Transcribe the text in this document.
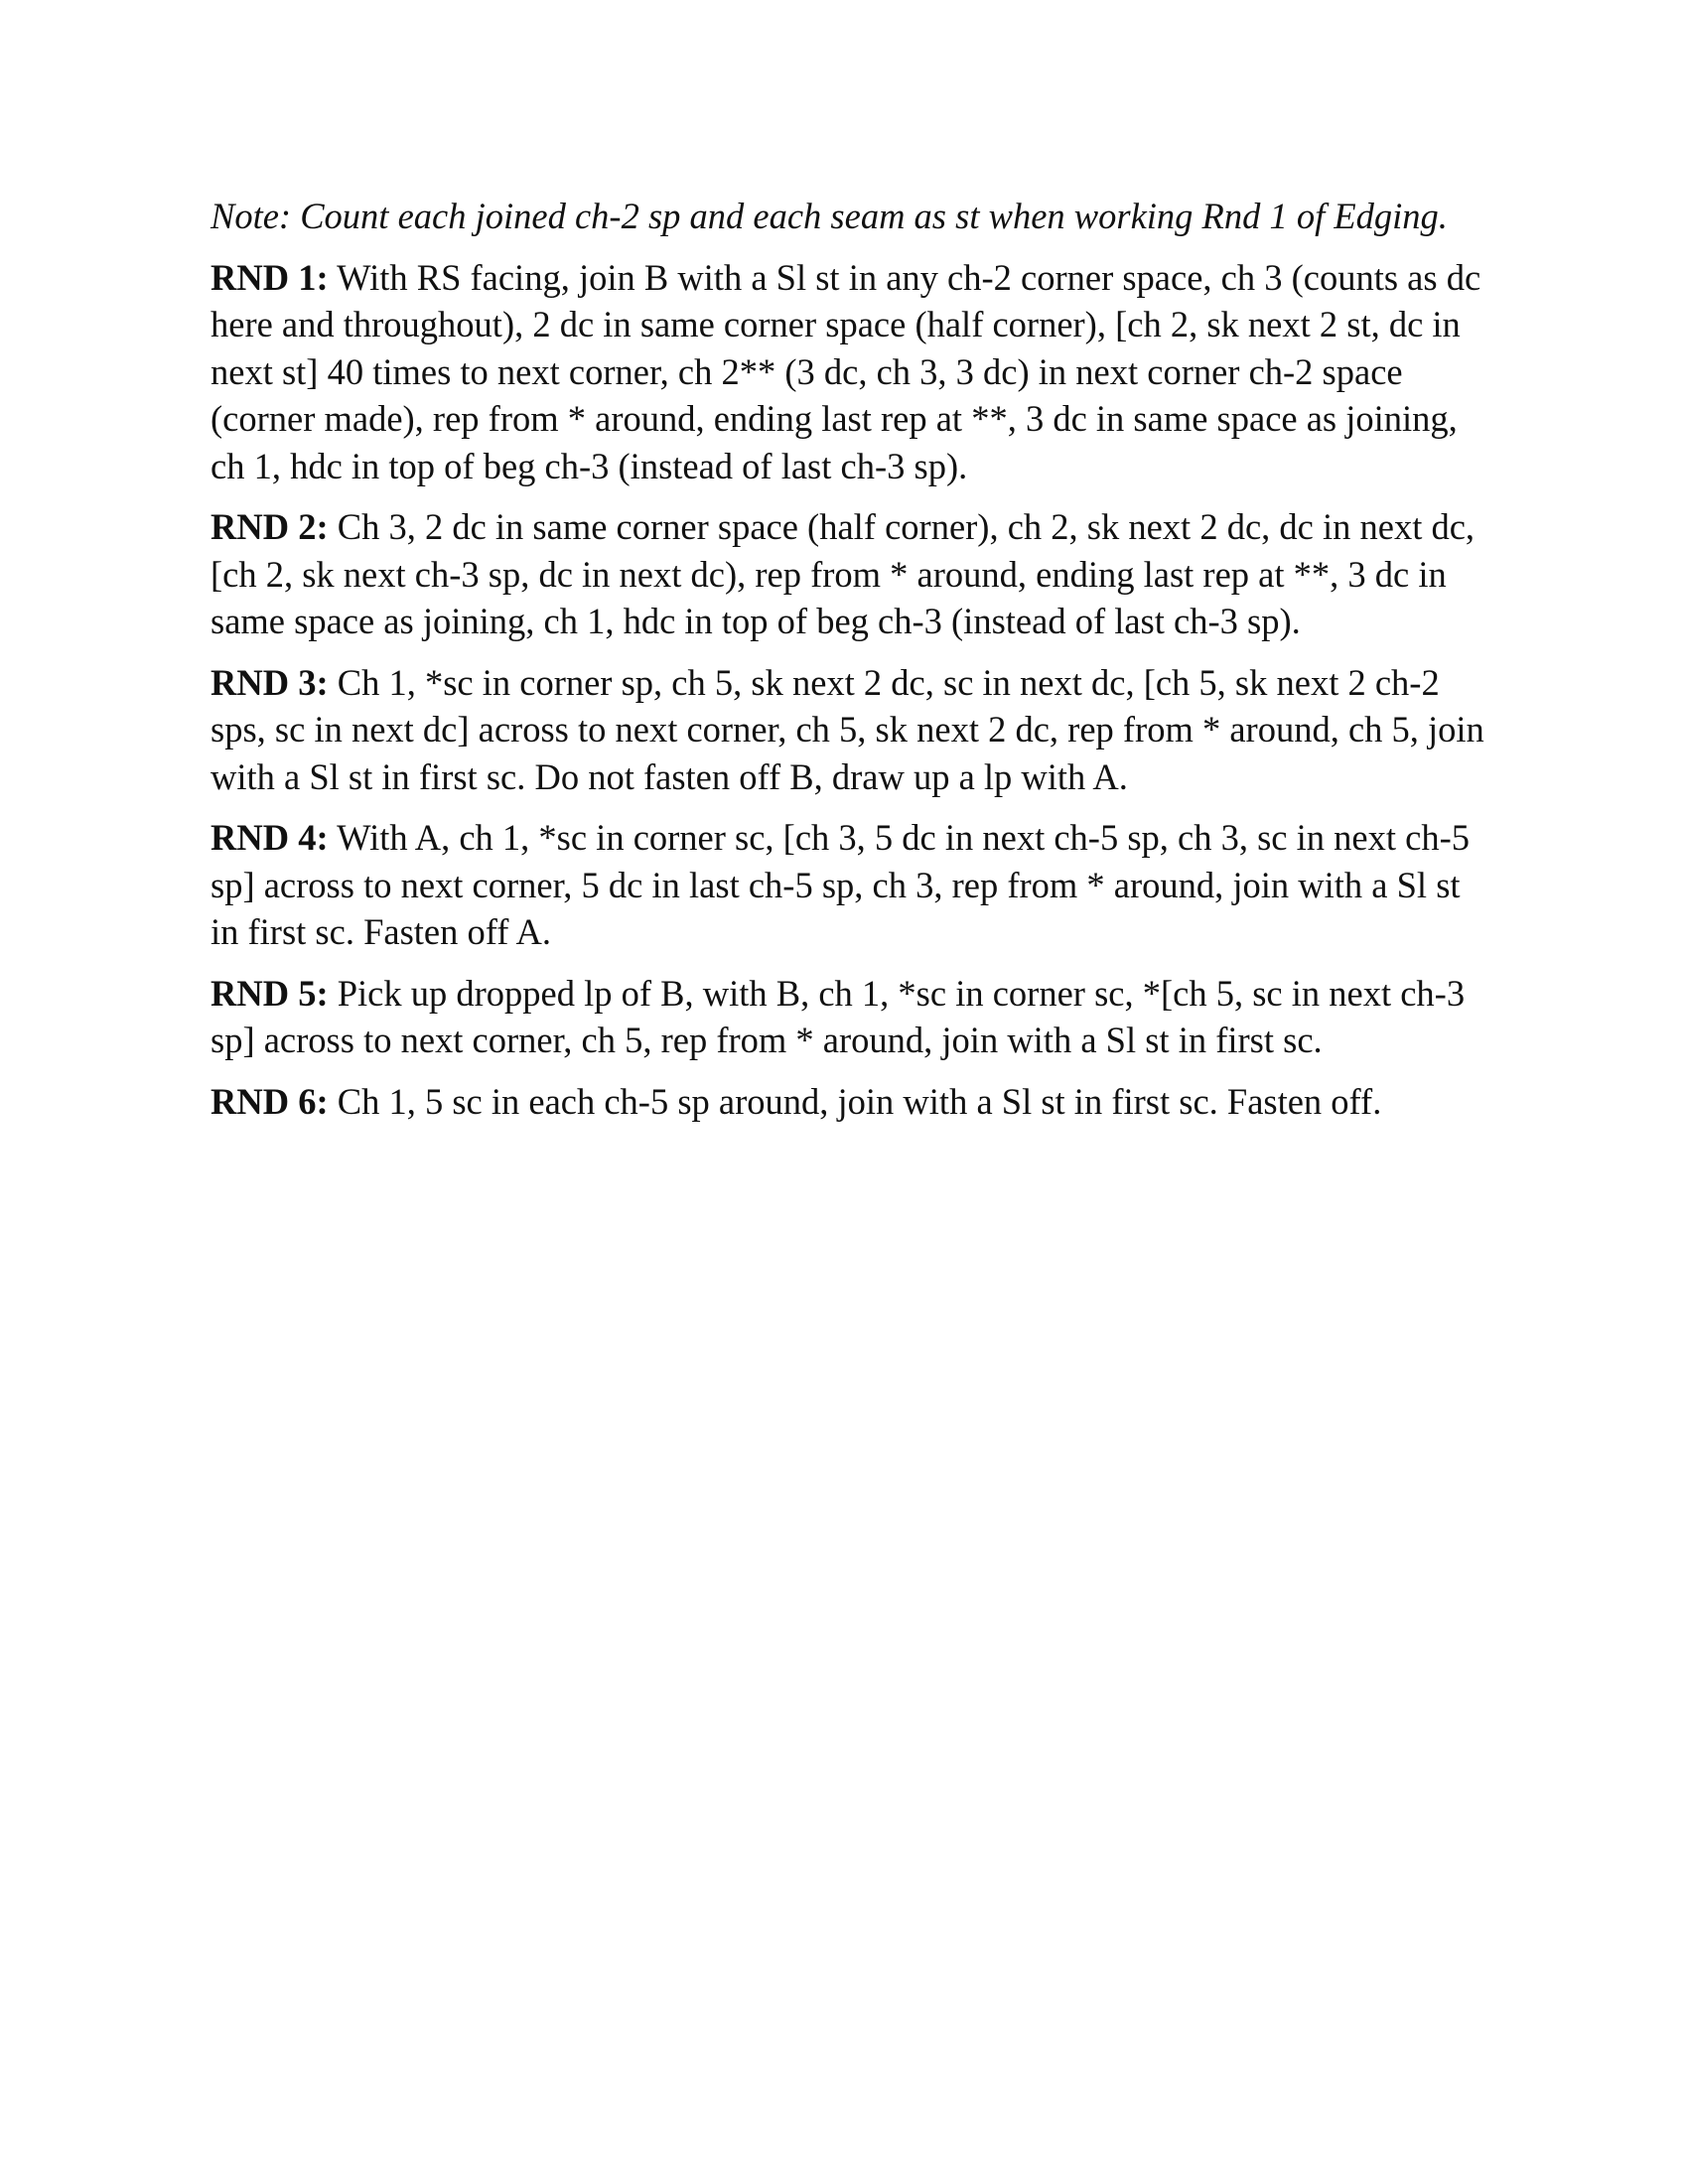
Note: Count each joined ch-2 sp and each seam as st when working Rnd 1 of Edging.

RND 1: With RS facing, join B with a Sl st in any ch-2 corner space, ch 3 (counts as dc here and throughout), 2 dc in same corner space (half corner), [ch 2, sk next 2 st, dc in next st] 40 times to next corner, ch 2** (3 dc, ch 3, 3 dc) in next corner ch-2 space (corner made), rep from * around, ending last rep at **, 3 dc in same space as joining, ch 1, hdc in top of beg ch-3 (instead of last ch-3 sp).

RND 2: Ch 3, 2 dc in same corner space (half corner), ch 2, sk next 2 dc, dc in next dc, [ch 2, sk next ch-3 sp, dc in next dc), rep from * around, ending last rep at **, 3 dc in same space as joining, ch 1, hdc in top of beg ch-3 (instead of last ch-3 sp).

RND 3: Ch 1, *sc in corner sp, ch 5, sk next 2 dc, sc in next dc, [ch 5, sk next 2 ch-2 sps, sc in next dc] across to next corner, ch 5, sk next 2 dc, rep from * around, ch 5, join with a Sl st in first sc. Do not fasten off B, draw up a lp with A.

RND 4: With A, ch 1, *sc in corner sc, [ch 3, 5 dc in next ch-5 sp, ch 3, sc in next ch-5 sp] across to next corner, 5 dc in last ch-5 sp, ch 3, rep from * around, join with a Sl st in first sc. Fasten off A.

RND 5: Pick up dropped lp of B, with B, ch 1, *sc in corner sc, *[ch 5, sc in next ch-3 sp] across to next corner, ch 5, rep from * around, join with a Sl st in first sc.

RND 6: Ch 1, 5 sc in each ch-5 sp around, join with a Sl st in first sc. Fasten off.
